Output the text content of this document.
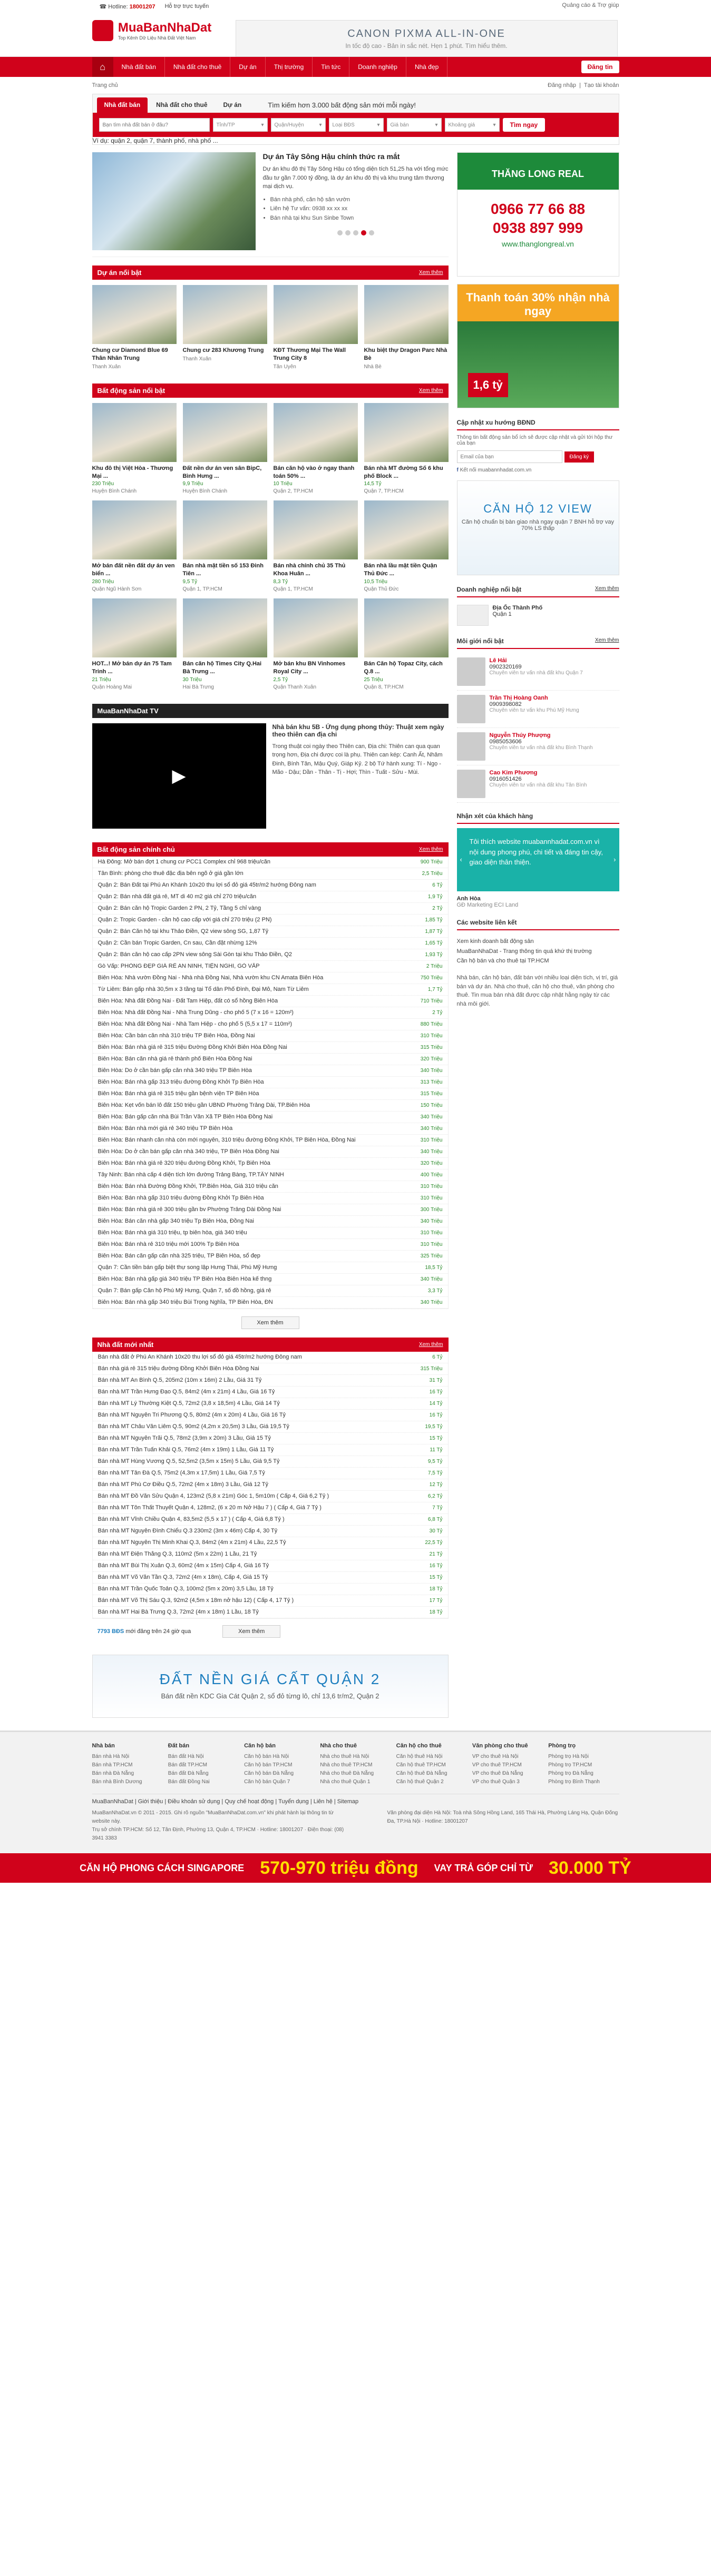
☎ Hotline: 18001207 Hỗ trợ trực tuyến	Quảng cáo & Trợ giúp
MuaBanNhaDat
Top Kênh Dữ Liệu Nhà Đất Việt Nam	CANON PIXMA ALL-IN-ONE
In tốc độ cao - Bản in sắc nét. Hẹn 1 phút. Tìm hiểu thêm.
⌂	Nhà đất bán	Nhà đất cho thuê	Dự án	Thị trường	Tin tức	Doanh nghiệp	Nhà đẹp	Đăng tin
Trang chủ	Đăng nhập  |  Tạo tài khoản
Nhà đất bán	Nhà đất cho thuê	Dự án	Tìm kiếm hơn 3.000 bất động sản mới mỗi ngày!
Bạn tìm nhà đất bán ở đâu?
Tỉnh/TP	▾ Quận/Huyện	▾ Loại BĐS	▾ Giá bán	▾ Khoảng giá	▾	Tìm ngay
Ví dụ: quận 2, quận 7, thành phố, nhà phố ...
Dự án Tây Sông Hậu chính thức ra mắt

Dự án khu đô thị Tây Sông Hậu có tổng diện tích 51,25 ha với tổng mức đầu tư gần 7.000 tỷ đồng, là dự án khu đô thị và khu trung tâm thương mại dịch vụ.

• Bán nhà phố, căn hộ sân vườn
• Liên hệ Tư vấn: 0938 xx xx xx
• Bán nhà tại khu Sun Sinbe Town
Dự án nổi bật	Xem thêm
Chung cư Diamond Blue 69 Thân Nhân Trung
Thanh Xuân
Chung cư 283 Khương Trung
Thanh Xuân
KĐT Thương Mại The Wall Trung City 8
Tân Uyên
Khu biệt thự Dragon Parc Nhà Bè
Nhà Bè
Bất động sản nổi bật	Xem thêm
Khu đô thị Việt Hòa - Thương Mại ...
230 Triệu
Huyện Bình Chánh
Đất nền dư án ven sân BipC, Bình Hưng ...
9,9 Triệu
Huyện Bình Chánh
Bán căn hộ vào ở ngay thanh toán 50% ...
10 Triệu
Quận 2, TP.HCM
Bán nhà MT đường Số 6 khu phố Block ...
14,5 Tỷ
Quận 7, TP.HCM
Mở bán đất nền đất dự án ven biển ...
280 Triệu
Quận Ngũ Hành Sơn
Bán nhà mặt tiền số 153 Đinh Tiên ...
9,5 Tỷ
Quận 1, TP.HCM
Bán nhà chính chủ 35 Thủ Khoa Huân ...
8,3 Tỷ
Quận 1, TP.HCM
Bán nhà lầu mặt tiền Quận Thủ Đức ...
10,5 Triệu
Quận Thủ Đức
HOT...! Mở bán dự án 75 Tam Trinh ...
21 Triệu
Quận Hoàng Mai
Bán căn hộ Times City Q.Hai Bà Trưng ...
30 Triệu
Hai Bà Trưng
Mở bán khu BN Vinhomes Royal City ...
2,5 Tỷ
Quận Thanh Xuân
Bán Căn hộ Topaz City, cách Q.8 ...
25 Triệu
Quận 8, TP.HCM
MuaBanNhaDat TV
▶
Nhà bán khu 5B - Ứng dụng phong thủy: Thuật xem ngày theo thiên can địa chi

Trong thuật coi ngày theo Thiên can, Địa chi: Thiên can qua quan trọng hơn, Địa chi được coi là phụ. Thiên can kép: Canh Ất, Nhâm Đinh, Bính Tân, Mậu Quý, Giáp Kỷ. 2 bộ Tứ hành xung: Tí - Ngọ - Mão - Dậu; Dần - Thân - Tị - Hợi; Thìn - Tuất - Sửu - Mùi.

Bất động sản chính chủ	Xem thêm
Hà Đông: Mở bán đợt 1 chung cư PCC1 Complex chỉ 968 triệu/căn	900 Triệu
Tân Bình: phòng cho thuê đặc địa bên ngõ ở giá gần lớn	2,5 Triệu
Quận 2: Bán Đất tại Phú An Khánh 10x20 thu lợi sổ đỏ giá 45tr/m2 hướng Đông nam	6 Tỷ
Quận 2: Bán nhà đất giá rẻ, MT di 40 m2 giá chỉ 270 triệu/căn	1,9 Tỷ
Quận 2: Bán căn hộ Tropic Garden 2 PN, 2 Tỷ, Tầng 5 chỉ vàng	2 Tỷ
Quận 2: Tropic Garden - cần hộ cao cấp với giá chỉ 270 triệu (2 PN)	1,85 Tỷ
Quận 2: Bán Căn hộ tại khu Thảo Điền, Q2 view sông SG, 1,87 Tỷ	1,87 Tỷ
Quận 2: Cần bán Tropic Garden, Cn sau, Cần đặt nhừng 12%	1,65 Tỷ
Quận 2: Bán căn hộ cao cấp 2PN view sông Sài Gòn tại khu Thảo Điền, Q2	1,93 Tỷ
Gò Vấp: PHÒNG ĐẸP GIÁ RẺ AN NINH, TIỆN NGHI, GÒ VẤP	2 Triệu
Biên Hòa: Nhà vườn Đồng Nai - Nhà nhà Đồng Nai, Nhà vườn khu CN Amata Biên Hòa	750 Triệu
Từ Liêm: Bán gấp nhà 30,5m x 3 tầng tại Tổ dân Phố Đình, Đại Mỗ, Nam Từ Liêm	1,7 Tỷ
Biên Hòa: Nhà đất Đồng Nai - Đất Tam Hiệp, đất có sổ hồng Biên Hòa	710 Triệu
Biên Hòa: Nhà đất Đồng Nai - Nhà Trung Dũng - cho phố 5 (7 x 16 = 120m²)	2 Tỷ
Biên Hòa: Nhà đất Đồng Nai - Nhà Tam Hiệp - cho phố 5 (5,5 x 17 = 110m²)	880 Triệu
Biên Hòa: Cần bán căn nhà 310 triệu TP Biên Hòa, Đồng Nai	310 Triệu
Biên Hòa: Bán nhà giá rẻ 315 triệu Đường Đồng Khởi Biên Hòa Đồng Nai	315 Triệu
Biên Hòa: Bán căn nhà giá rẻ thành phố Biên Hòa Đồng Nai	320 Triệu
Biên Hòa: Do ở cần bán gấp căn nhà 340 triệu TP Biên Hòa	340 Triệu
Biên Hòa: Bán nhà gấp 313 triệu đường Đồng Khởi Tp Biên Hòa	313 Triệu
Biên Hòa: Bán nhà giá rẻ 315 triệu gần bệnh viện TP Biên Hòa	315 Triệu
Biên Hòa: Kẹt vốn bán lô đất 150 triệu gần UBND Phường Trảng Dài, TP.Biên Hòa	150 Triệu
Biên Hòa: Bán gấp căn nhà Bùi Trần Văn Xã TP Biên Hòa Đồng Nai	340 Triệu
Biên Hòa: Bán nhà mới giá rẻ 340 triệu TP Biên Hòa	340 Triệu
Biên Hòa: Bán nhanh căn nhà còn mới nguyên, 310 triệu đường Đồng Khởi, TP Biên Hòa, Đồng Nai	310 Triệu
Biên Hòa: Do ở cần bán gấp căn nhà 340 triệu, TP Biên Hòa Đồng Nai	340 Triệu
Biên Hòa: Bán nhà giá rẻ 320 triệu đường Đồng Khởi, Tp Biên Hòa	320 Triệu
Tây Ninh: Bán nhà cấp 4 diện tích lớn đường Trảng Bàng, TP.TÂY NINH	400 Triệu
Biên Hòa: Bán nhà Đường Đồng Khởi, TP.Biên Hòa, Giá 310 triệu căn	310 Triệu
Biên Hòa: Bán nhà gấp 310 triệu đường Đồng Khởi Tp Biên Hòa	310 Triệu
Biên Hòa: Bán nhà giá rẻ 300 triệu gần bv Phường Trảng Dài Đồng Nai	300 Triệu
Biên Hòa: Bán căn nhà gấp 340 triệu Tp Biên Hòa, Đồng Nai	340 Triệu
Biên Hòa: Bán nhà giá 310 triệu, tp biên hòa, giá 340 triệu	310 Triệu
Biên Hòa: Bán nhà rẻ 310 triệu mới 100% Tp Biên Hòa	310 Triệu
Biên Hòa: Bán căn gấp căn nhà 325 triệu, TP Biên Hòa, sổ đẹp	325 Triệu
Quận 7: Cần tiền bán gấp biệt thự song lập Hưng Thái, Phú Mỹ Hưng	18,5 Tỷ
Biên Hòa: Bán nhà gấp giá 340 triệu TP Biên Hòa Biên Hòa kế thng	340 Triệu
Quận 7: Bán gấp Căn hộ Phú Mỹ Hưng, Quận 7, số đồ hồng, giá rẻ	3,3 Tỷ
Biên Hòa: Bán nhà gấp 340 triệu Bùi Trọng Nghĩa, TP Biên Hòa, ĐN	340 Triệu
Xem thêm
Nhà đất mới nhất	Xem thêm
Bán nhà đất ở Phú An Khánh 10x20 thu lợi sổ đỏ giá 45tr/m2 hướng Đông nam	6 Tỷ
Bán nhà giá rẻ 315 triệu đường Đồng Khởi Biên Hòa Đồng Nai	315 Triệu
Bán nhà MT An Bình Q.5, 205m2 (10m x 16m) 2 Lầu, Giá 31 Tỷ	31 Tỷ
Bán nhà MT Trần Hưng Đạo Q.5, 84m2 (4m x 21m) 4 Lầu, Giá 16 Tỷ	16 Tỷ
Bán nhà MT Lý Thường Kiệt Q.5, 72m2 (3,8 x 18,5m) 4 Lầu, Giá 14 Tỷ	14 Tỷ
Bán nhà MT Nguyễn Tri Phương Q.5, 80m2 (4m x 20m) 4 Lầu, Giá 16 Tỷ	16 Tỷ
Bán nhà MT Châu Văn Liêm Q.5, 90m2 (4,2m x 20,5m) 3 Lầu, Giá 19,5 Tỷ	19,5 Tỷ
Bán nhà MT Nguyễn Trãi Q.5, 78m2 (3,9m x 20m) 3 Lầu, Giá 15 Tỷ	15 Tỷ
Bán nhà MT Trần Tuấn Khải Q.5, 76m2 (4m x 19m) 1 Lầu, Giá 11 Tỷ	11 Tỷ
Bán nhà MT Hùng Vương Q.5, 52,5m2 (3,5m x 15m) 5 Lầu, Giá 9,5 Tỷ	9,5 Tỷ
Bán nhà MT Tản Đà Q.5, 75m2 (4,3m x 17,5m) 1 Lầu, Giá 7,5 Tỷ	7,5 Tỷ
Bán nhà MT Phù Cơ Điều Q.5, 72m2 (4m x 18m) 3 Lầu, Giá 12 Tỷ	12 Tỷ
Bán nhà MT Đồ Văn Sửu Quận 4, 123m2 (5,8 x 21m) Góc 1, 5m10m ( Cấp 4, Giá 6,2 Tỷ )	6,2 Tỷ
Bán nhà MT Tôn Thất Thuyết Quận 4, 128m2, (6 x 20 m Nở Hậu 7 ) ( Cấp 4, Giá 7 Tỷ )	7 Tỷ
Bán nhà MT Vĩnh Chiều Quận 4, 83,5m2 (5,5 x 17 ) ( Cấp 4, Giá 6,8 Tỷ )	6,8 Tỷ
Bán nhà MT Nguyễn Đình Chiểu Q.3 230m2 (3m x 46m) Cấp 4, 30 Tỷ	30 Tỷ
Bán nhà MT Nguyễn Thị Minh Khai Q.3, 84m2 (4m x 21m) 4 Lầu, 22,5 Tỷ	22,5 Tỷ
Bán nhà MT Điện Thắng Q.3, 110m2 (5m x 22m) 1 Lầu, 21 Tỷ	21 Tỷ
Bán nhà MT Bùi Thị Xuân Q.3, 60m2 (4m x 15m) Cấp 4, Giá 16 Tỷ	16 Tỷ
Bán nhà MT Võ Văn Tần Q.3, 72m2 (4m x 18m), Cấp 4, Giá 15 Tỷ	15 Tỷ
Bán nhà MT Trần Quốc Toản Q.3, 100m2 (5m x 20m) 3,5 Lầu, 18 Tỷ	18 Tỷ
Bán nhà MT Võ Thị Sáu Q.3, 92m2 (4,5m x 18m nở hậu 12) ( Cấp 4, 17 Tỷ )	17 Tỷ
Bán nhà MT Hai Bà Trưng Q.3, 72m2 (4m x 18m) 1 Lầu, 18 Tỷ	18 Tỷ
7793 BĐS mới đăng trên 24 giờ qua	Xem thêm
ĐẤT NỀN GIÁ CẤT QUẬN 2
Bán đất nền KDC Gia Cát Quận 2, sổ đỏ từng lô, chỉ 13,6 tr/m2, Quận 2
THĂNG LONG REAL
0966 77 66 88
0938 897 999
www.thanglongreal.vn
Thanh toán 30% nhận nhà ngay
1,6 tỷ
Cập nhật xu hướng BĐND

Thông tin bất động sản bổ ích sẽ được cập nhật và gửi tới hộp thư của bạn

Email của bạnĐăng ký

f Kết nối muabannhadat.com.vn

CĂN HỘ 12 VIEW
Căn hộ chuẩn bị bàn giao nhà ngay quận 7 BNH hỗ trợ vay 70% LS thấp
Doanh nghiệp nổi bật	Xem thêm
Địa Ốc Thành Phố
Quận 1
Môi giới nổi bật	Xem thêm
Lê Hải
0902320169
Chuyên viên tư vấn nhà đất khu Quận 7
Trần Thị Hoàng Oanh
0909398082
Chuyên viên tư vấn khu Phú Mỹ Hưng
Nguyễn Thúy Phượng
0985053606
Chuyên viên tư vấn nhà đất khu Bình Thạnh
Cao Kim Phương
0916051426
Chuyên viên tư vấn nhà đất khu Tân Bình
Nhận xét của khách hàng
‹
Tôi thích website muabannhadat.com.vn vì nội dung phong phú, chi tiết và đáng tin cậy, giao diện thân thiện.	›
Anh Hòa
GĐ Marketing ECI Land
Các website liên kết
Xem kinh doanh bất động sản
MuaBanNhaDat - Trang thông tin quá khứ thị trường
Cần hộ bán và cho thuê tại TP.HCM

Nhà bán, căn hộ bán, đất bán với nhiều loại diện tích, vị trí, giá bán và dự án. Nhà cho thuê, căn hộ cho thuê, văn phòng cho thuê. Tin mua bán nhà đất được cập nhật hằng ngày từ các nhà môi giới.

Nhà bán
Bán nhà Hà Nội
Bán nhà TP.HCM
Bán nhà Đà Nẵng
Bán nhà Bình Dương
Đất bán
Bán đất Hà Nội
Bán đất TP.HCM
Bán đất Đà Nẵng
Bán đất Đồng Nai
Căn hộ bán
Căn hộ bán Hà Nội
Căn hộ bán TP.HCM
Căn hộ bán Đà Nẵng
Căn hộ bán Quận 7
Nhà cho thuê
Nhà cho thuê Hà Nội
Nhà cho thuê TP.HCM
Nhà cho thuê Đà Nẵng
Nhà cho thuê Quận 1
Căn hộ cho thuê
Căn hộ thuê Hà Nội
Căn hộ thuê TP.HCM
Căn hộ thuê Đà Nẵng
Căn hộ thuê Quận 2
Văn phòng cho thuê
VP cho thuê Hà Nội
VP cho thuê TP.HCM
VP cho thuê Đà Nẵng
VP cho thuê Quận 3
Phòng trọ
Phòng trọ Hà Nội
Phòng trọ TP.HCM
Phòng trọ Đà Nẵng
Phòng trọ Bình Thạnh
MuaBanNhaDat | Giới thiệu | Điều khoản sử dụng | Quy chế hoạt động | Tuyển dụng | Liên hệ | Sitemap
MuaBanNhaDat.vn © 2011 - 2015. Ghi rõ nguồn "MuaBanNhaDat.com.vn" khi phát hành lại thông tin từ website này.
Trụ sở chính TP.HCM: Số 12, Tân Định, Phường 13, Quận 4, TP.HCM · Hotline: 18001207 · Điện thoại: (08) 3941 3383
Văn phòng đại diện Hà Nội: Toà nhà Sông Hồng Land, 165 Thái Hà, Phường Láng Hạ, Quận Đống Đa, TP.Hà Nội · Hotline: 18001207
CĂN HỘ PHONG CÁCH SINGAPORE 570-970 triệu đồng VAY TRẢ GÓP CHỈ TỪ 30.000 TỶ
